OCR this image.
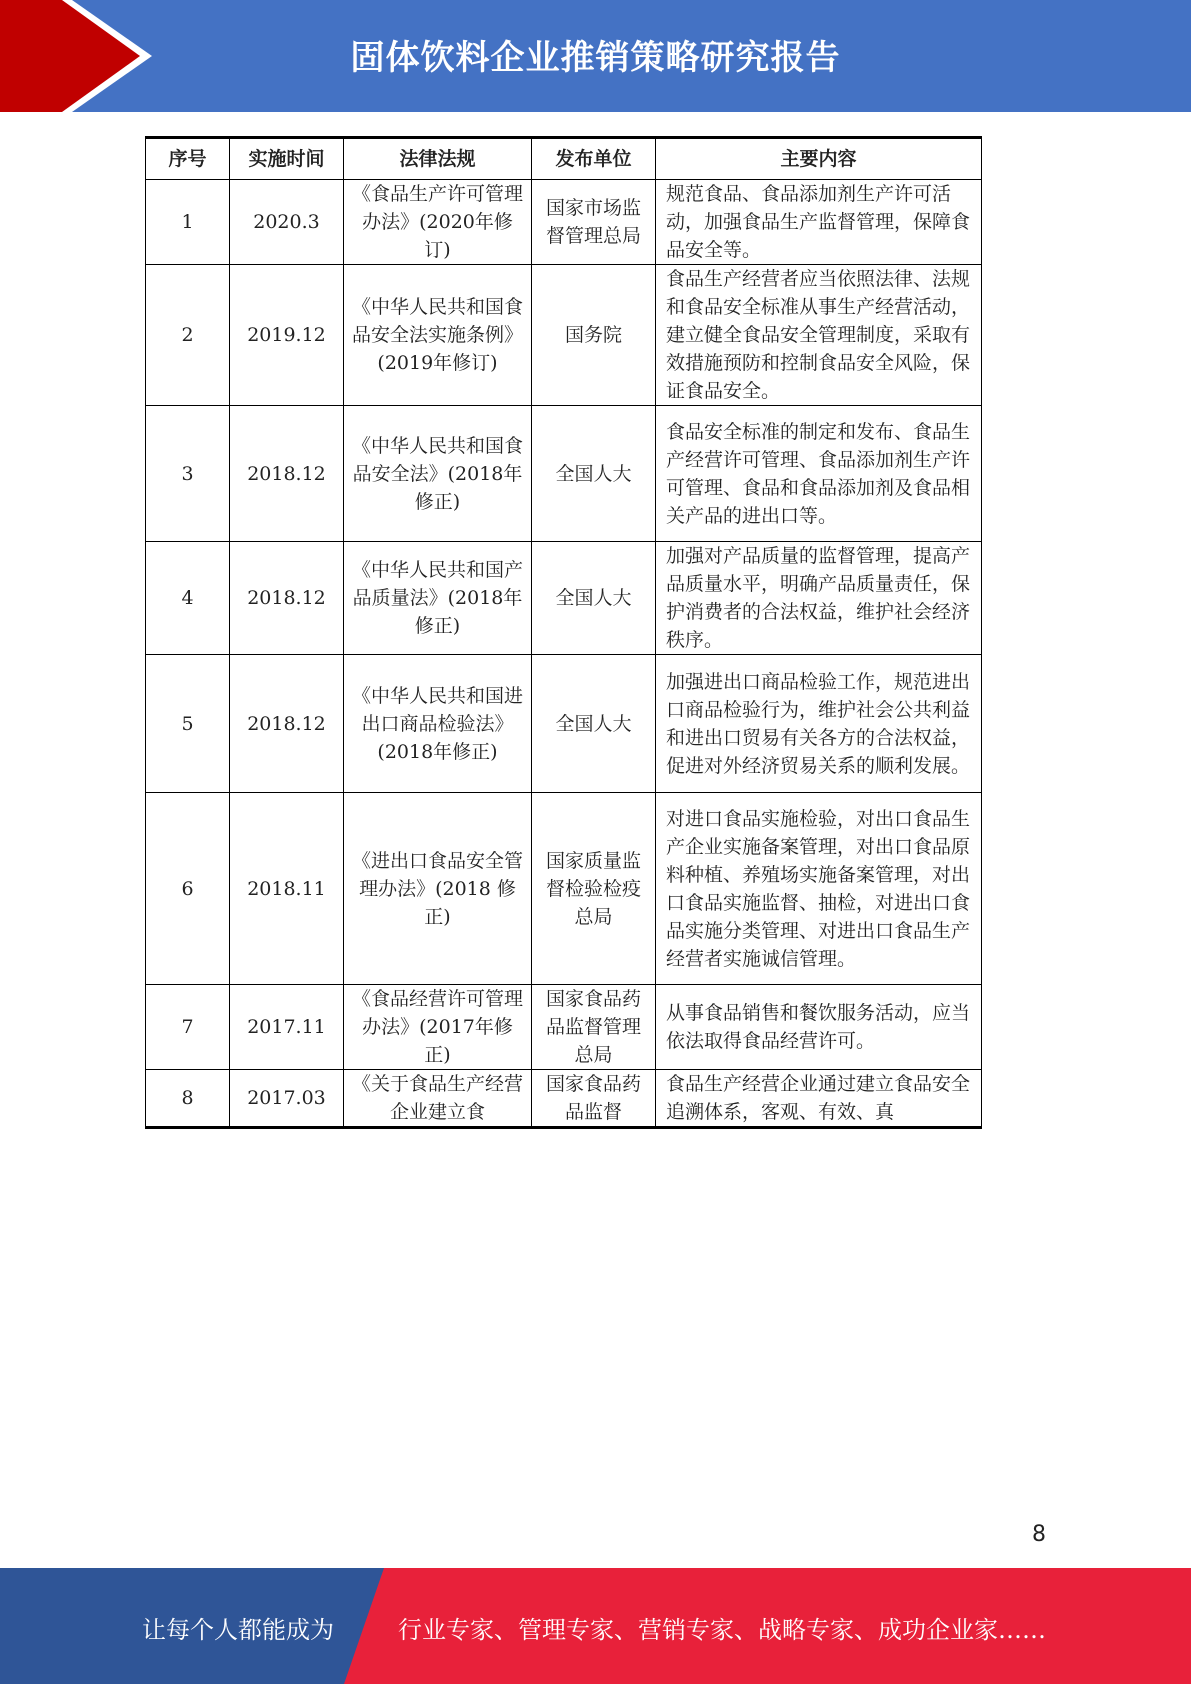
固体饮料企业推销策略研究报告
序号	实施时间	法律法规	发布单位	主要内容
1	2020.3	《食品生产许可管理办法》(2020年修订)	国家市场监督管理总局	规范食品、食品添加剂生产许可活动，加强食品生产监督管理，保障食品安全等。
2	2019.12	《中华人民共和国食品安全法实施条例》(2019年修订)	国务院	食品生产经营者应当依照法律、法规和食品安全标准从事生产经营活动，建立健全食品安全管理制度，采取有效措施预防和控制食品安全风险，保证食品安全。
3	2018.12	《中华人民共和国食品安全法》(2018年修正)	全国人大	食品安全标准的制定和发布、食品生产经营许可管理、食品添加剂生产许可管理、食品和食品添加剂及食品相关产品的进出口等。
4	2018.12	《中华人民共和国产品质量法》(2018年修正)	全国人大	加强对产品质量的监督管理，提高产品质量水平，明确产品质量责任，保护消费者的合法权益，维护社会经济秩序。
5	2018.12	《中华人民共和国进出口商品检验法》(2018年修正)	全国人大	加强进出口商品检验工作，规范进出口商品检验行为，维护社会公共利益和进出口贸易有关各方的合法权益，促进对外经济贸易关系的顺利发展。
6	2018.11	《进出口食品安全管理办法》(2018 修正)	国家质量监督检验检疫总局	对进口食品实施检验，对出口食品生产企业实施备案管理，对出口食品原料种植、养殖场实施备案管理，对出口食品实施监督、抽检，对进出口食品实施分类管理、对进出口食品生产经营者实施诚信管理。
7	2017.11	《食品经营许可管理办法》(2017年修正)	国家食品药品监督管理总局	从事食品销售和餐饮服务活动，应当依法取得食品经营许可。
8	2017.03	《关于食品生产经营企业建立食	国家食品药品监督	食品生产经营企业通过建立食品安全追溯体系，客观、有效、真
8
让每个人都能成为	行业专家、管理专家、营销专家、战略专家、成功企业家……
